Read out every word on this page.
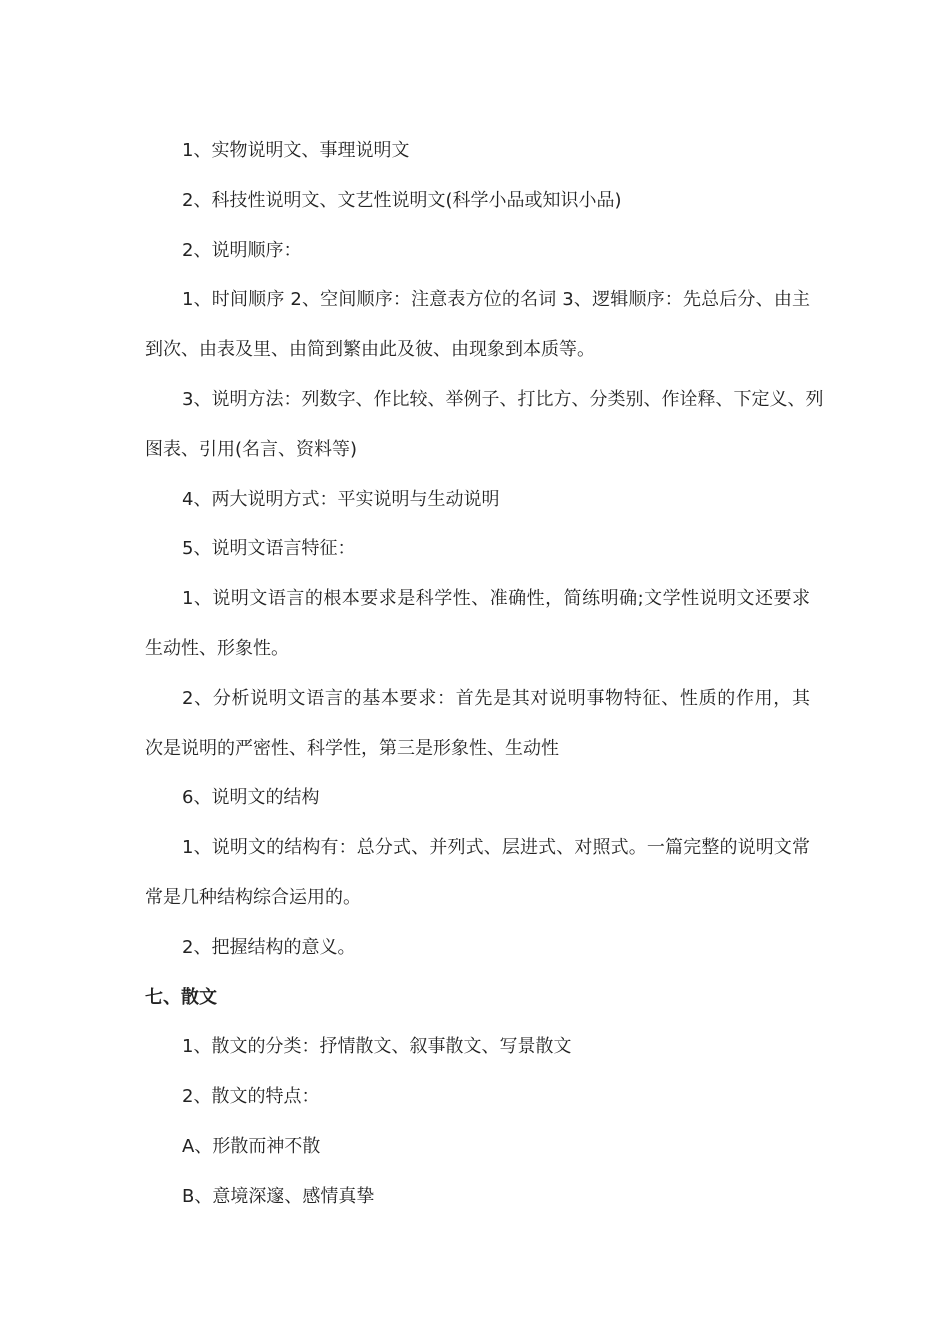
1、实物说明文、事理说明文
2、科技性说明文、文艺性说明文(科学小品或知识小品)
2、说明顺序：
1、时间顺序 2、空间顺序：注意表方位的名词 3、逻辑顺序：先总后分、由主
到次、由表及里、由简到繁由此及彼、由现象到本质等。
3、说明方法：列数字、作比较、举例子、打比方、分类别、作诠释、下定义、列
图表、引用(名言、资料等)
4、两大说明方式：平实说明与生动说明
5、说明文语言特征：
1、说明文语言的根本要求是科学性、准确性，简练明确;文学性说明文还要求
生动性、形象性。
2、分析说明文语言的基本要求：首先是其对说明事物特征、性质的作用，其
次是说明的严密性、科学性，第三是形象性、生动性
6、说明文的结构
1、说明文的结构有：总分式、并列式、层进式、对照式。一篇完整的说明文常
常是几种结构综合运用的。
2、把握结构的意义。
七、散文
1、散文的分类：抒情散文、叙事散文、写景散文
2、散文的特点：
A、形散而神不散
B、意境深邃、感情真挚
